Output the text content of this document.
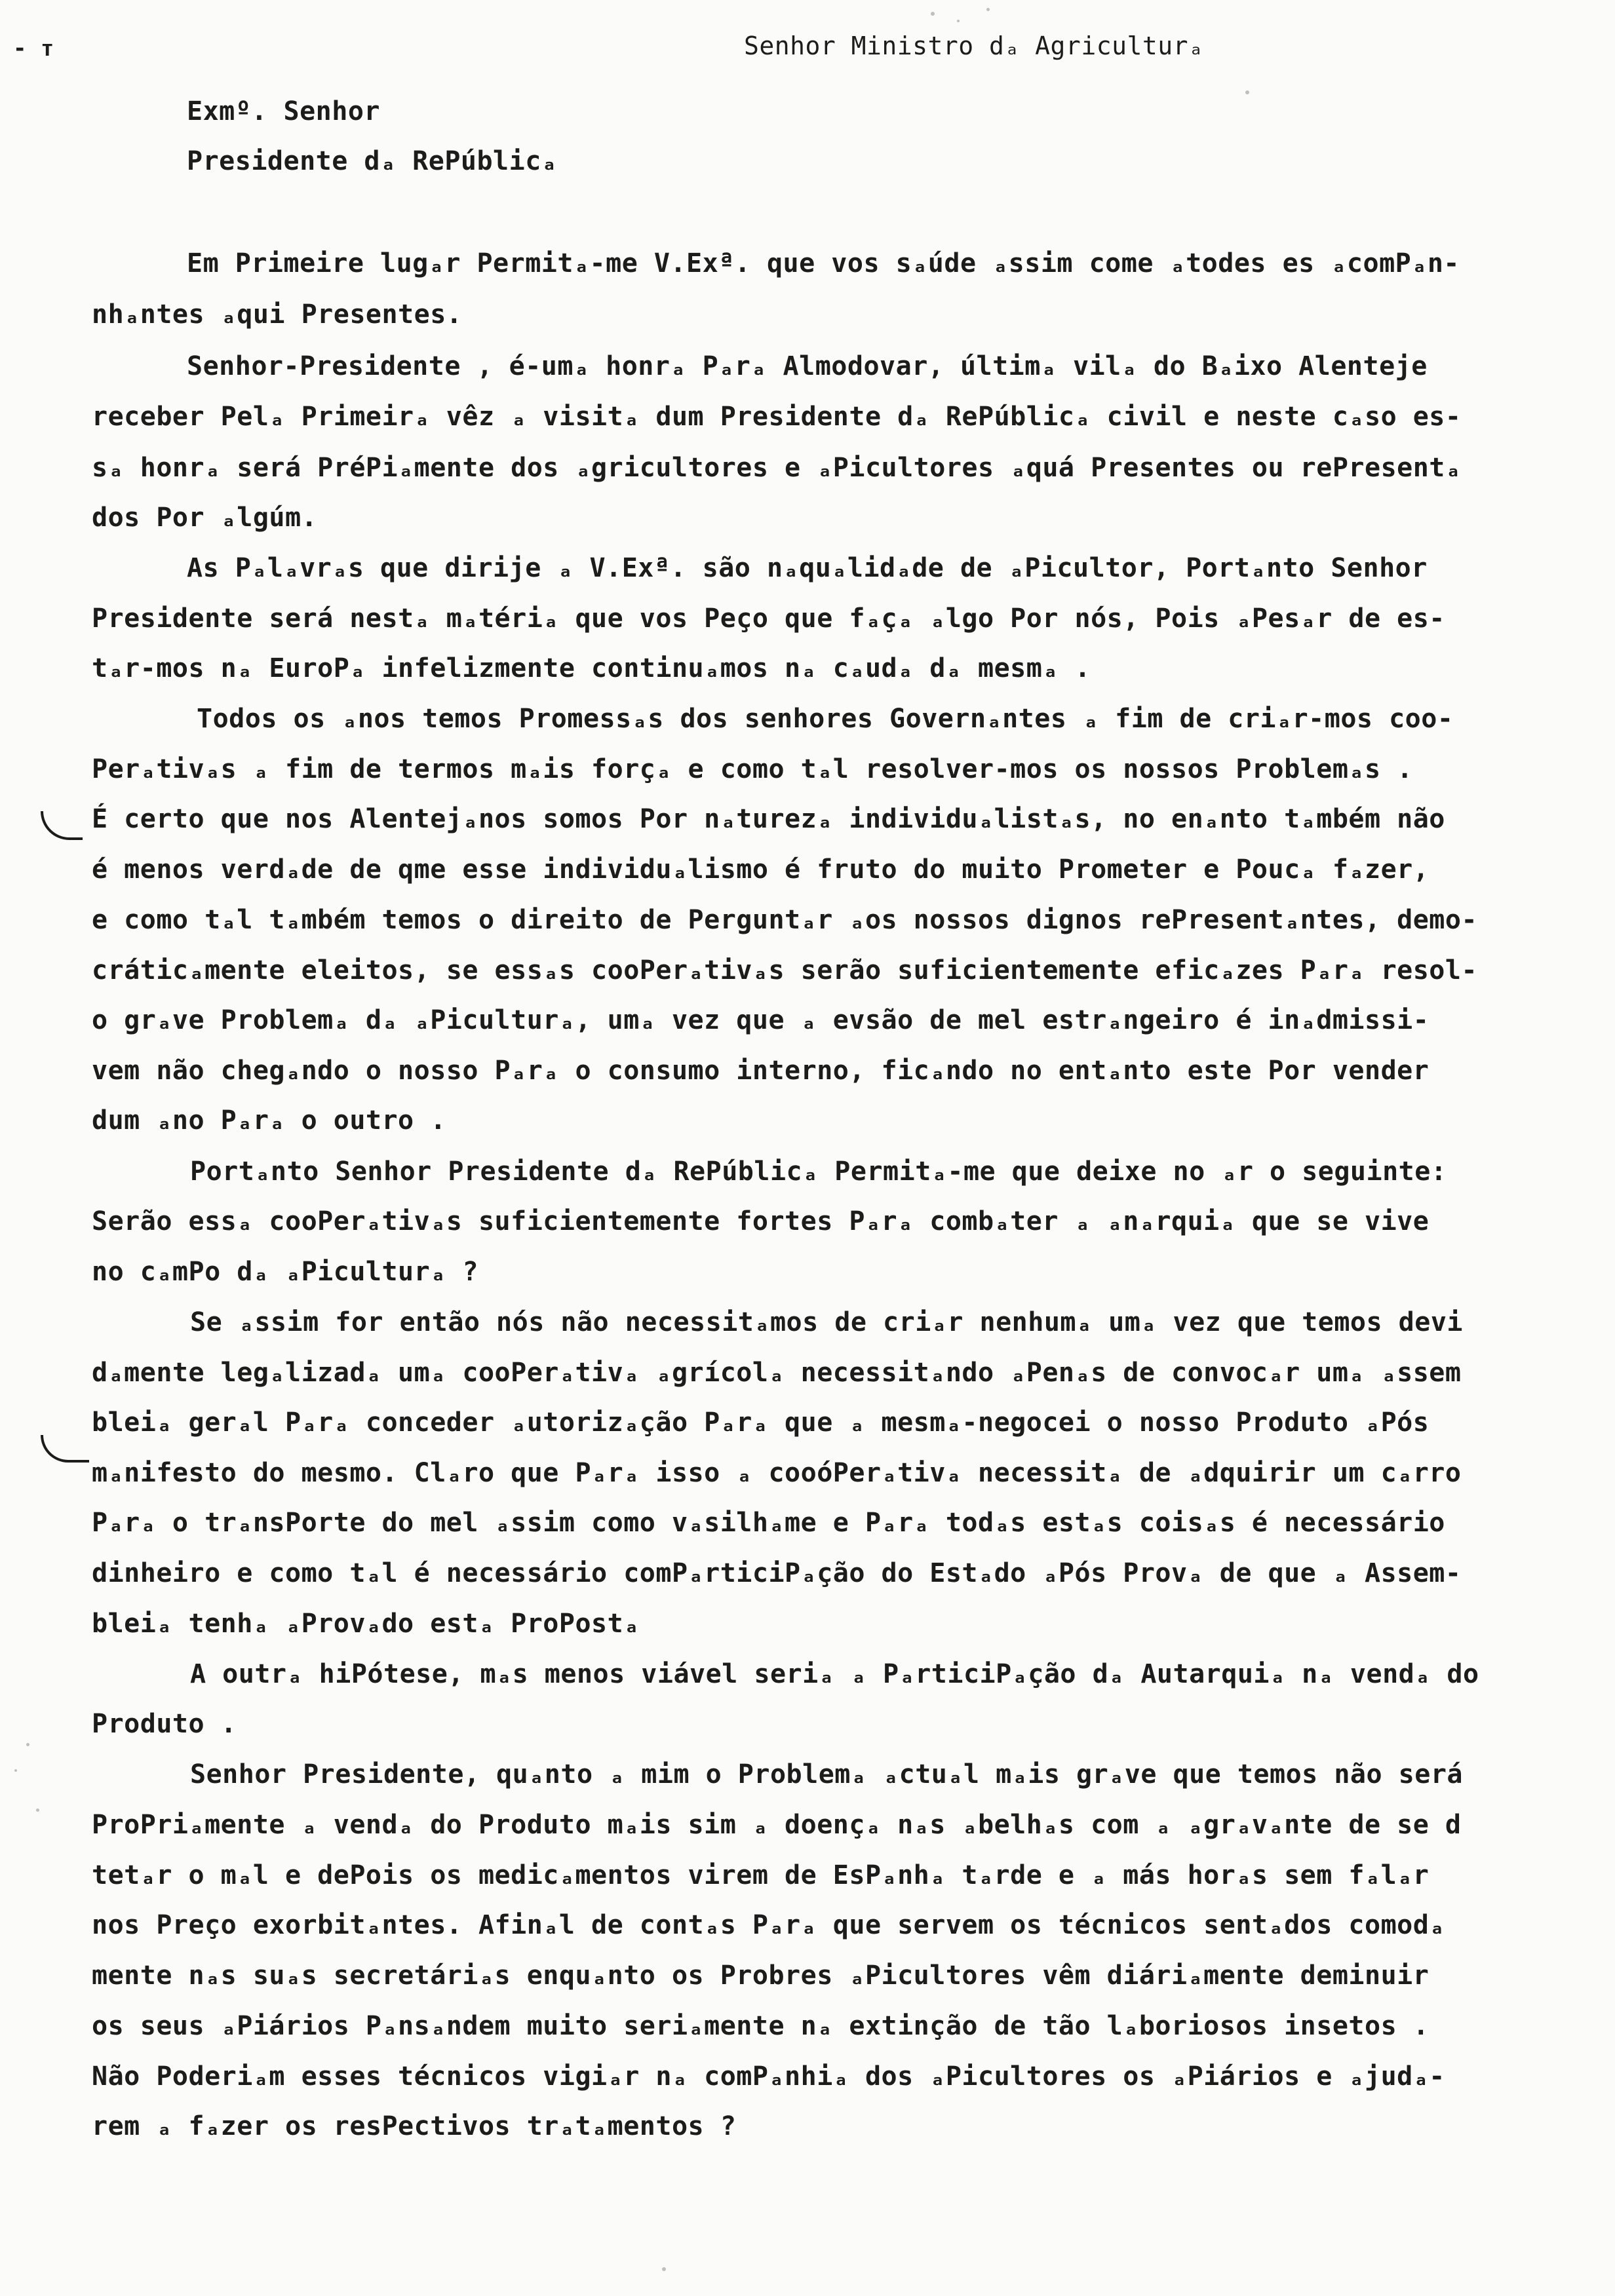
- ᴛ	Senhor Ministro dₐ Agriculturₐ
Exmº. Senhor
Presidente dₐ RePúblicₐ
Em Primeire lugₐr Permitₐ-me V.Exª. que vos sₐúde ₐssim come ₐtodes es ₐcomPₐn-
nhₐntes ₐqui Presentes.
Senhor-Presidente , é-umₐ honrₐ Pₐrₐ Almodovar, últimₐ vilₐ do Bₐixo Alenteje
receber Pelₐ Primeirₐ vêz ₐ visitₐ dum Presidente dₐ RePúblicₐ civil e neste cₐso es-
sₐ honrₐ será PréPiₐmente dos ₐgricultores e ₐPicultores ₐquá Presentes ou rePresentₐ
dos Por ₐlgúm.
As Pₐlₐvrₐs que dirije ₐ V.Exª. são nₐquₐlidₐde de ₐPicultor, Portₐnto Senhor
Presidente será nestₐ mₐtériₐ que vos Peço que fₐçₐ ₐlgo Por nós, Pois ₐPesₐr de es-
tₐr-mos nₐ EuroPₐ infelizmente continuₐmos nₐ cₐudₐ dₐ mesmₐ .
Todos os ₐnos temos Promessₐs dos senhores Governₐntes ₐ fim de criₐr-mos coo-
Perₐtivₐs ₐ fim de termos mₐis forçₐ e como tₐl resolver-mos os nossos Problemₐs .
É certo que nos Alentejₐnos somos Por nₐturezₐ individuₐlistₐs, no enₐnto tₐmbém não
é menos verdₐde de qme esse individuₐlismo é fruto do muito Prometer e Poucₐ fₐzer,
e como tₐl tₐmbém temos o direito de Perguntₐr ₐos nossos dignos rePresentₐntes, demo-
cráticₐmente eleitos, se essₐs cooPerₐtivₐs serão suficientemente eficₐzes Pₐrₐ resol-
o grₐve Problemₐ dₐ ₐPiculturₐ, umₐ vez que ₐ evsão de mel estrₐngeiro é inₐdmissi-
vem não chegₐndo o nosso Pₐrₐ o consumo interno, ficₐndo no entₐnto este Por vender
dum ₐno Pₐrₐ o outro .
Portₐnto Senhor Presidente dₐ RePúblicₐ Permitₐ-me que deixe no ₐr o seguinte:
Serão essₐ cooPerₐtivₐs suficientemente fortes Pₐrₐ combₐter ₐ ₐnₐrquiₐ que se vive
no cₐmPo dₐ ₐPiculturₐ ?
Se ₐssim for então nós não necessitₐmos de criₐr nenhumₐ umₐ vez que temos devi
dₐmente legₐlizadₐ umₐ cooPerₐtivₐ ₐgrícolₐ necessitₐndo ₐPenₐs de convocₐr umₐ ₐssem
bleiₐ gerₐl Pₐrₐ conceder ₐutorizₐção Pₐrₐ que ₐ mesmₐ-negocei o nosso Produto ₐPós
mₐnifesto do mesmo. Clₐro que Pₐrₐ isso ₐ cooóPerₐtivₐ necessitₐ de ₐdquirir um cₐrro
Pₐrₐ o trₐnsPorte do mel ₐssim como vₐsilhₐme e Pₐrₐ todₐs estₐs coisₐs é necessário
dinheiro e como tₐl é necessário comPₐrticiPₐção do Estₐdo ₐPós Provₐ de que ₐ Assem-
bleiₐ tenhₐ ₐProvₐdo estₐ ProPostₐ
A outrₐ hiPótese, mₐs menos viável seriₐ ₐ PₐrticiPₐção dₐ Autarquiₐ nₐ vendₐ do
Produto .
Senhor Presidente, quₐnto ₐ mim o Problemₐ ₐctuₐl mₐis grₐve que temos não será
ProPriₐmente ₐ vendₐ do Produto mₐis sim ₐ doençₐ nₐs ₐbelhₐs com ₐ ₐgrₐvₐnte de se d
tetₐr o mₐl e dePois os medicₐmentos virem de EsPₐnhₐ tₐrde e ₐ más horₐs sem fₐlₐr
nos Preço exorbitₐntes. Afinₐl de contₐs Pₐrₐ que servem os técnicos sentₐdos comodₐ
mente nₐs suₐs secretáriₐs enquₐnto os Probres ₐPicultores vêm diáriₐmente deminuir
os seus ₐPiários Pₐnsₐndem muito seriₐmente nₐ extinção de tão lₐboriosos insetos .
Não Poderiₐm esses técnicos vigiₐr nₐ comPₐnhiₐ dos ₐPicultores os ₐPiários e ₐjudₐ-
rem ₐ fₐzer os resPectivos trₐtₐmentos ?
